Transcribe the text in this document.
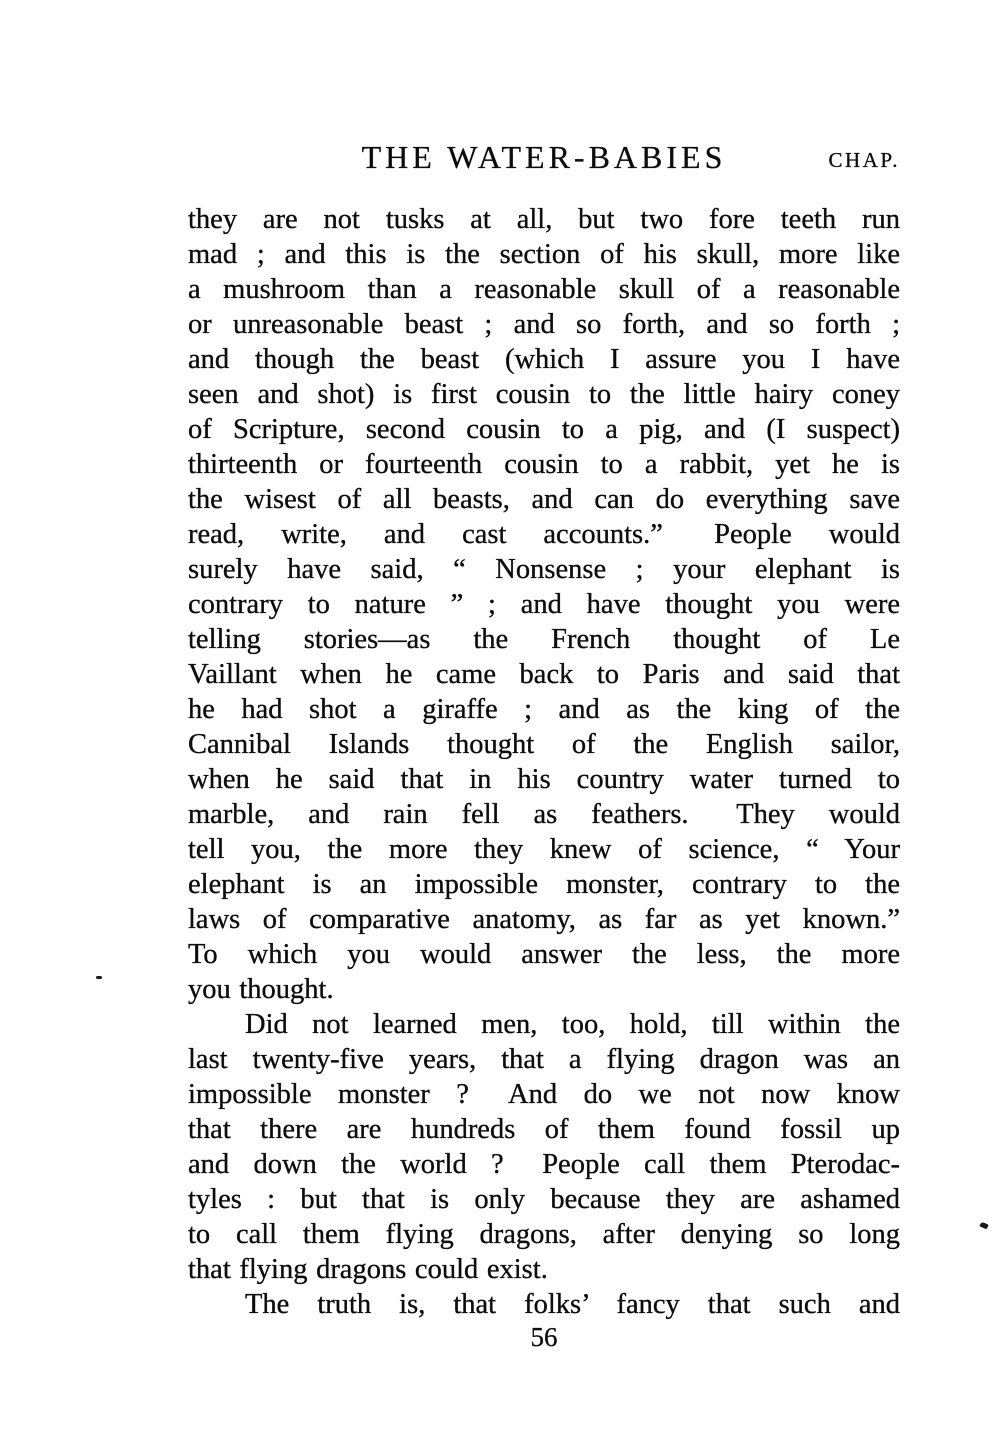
THE WATER-BABIES	CHAP.
they are not tusks at all, but two fore teeth run
mad ; and this is the section of his skull, more like
a mushroom than a reasonable skull of a reasonable
or unreasonable beast ; and so forth, and so forth ;
and though the beast (which I assure you I have
seen and shot) is first cousin to the little hairy coney
of Scripture, second cousin to a pig, and (I suspect)
thirteenth or fourteenth cousin to a rabbit, yet he is
the wisest of all beasts, and can do everything save
read, write, and cast accounts.”  People would
surely have said, “ Nonsense ; your elephant is
contrary to nature ” ; and have thought you were
telling stories—as the French thought of Le
Vaillant when he came back to Paris and said that
he had shot a giraffe ; and as the king of the
Cannibal Islands thought of the English sailor,
when he said that in his country water turned to
marble, and rain fell as feathers.  They would
tell you, the more they knew of science, “ Your
elephant is an impossible monster, contrary to the
laws of comparative anatomy, as far as yet known.”
To which you would answer the less, the more
you thought.
Did not learned men, too, hold, till within the
last twenty-five years, that a flying dragon was an
impossible monster ?  And do we not now know
that there are hundreds of them found fossil up
and down the world ?  People call them Pterodac-
tyles : but that is only because they are ashamed
to call them flying dragons, after denying so long
that flying dragons could exist.
The truth is, that folks’ fancy that such and
56
